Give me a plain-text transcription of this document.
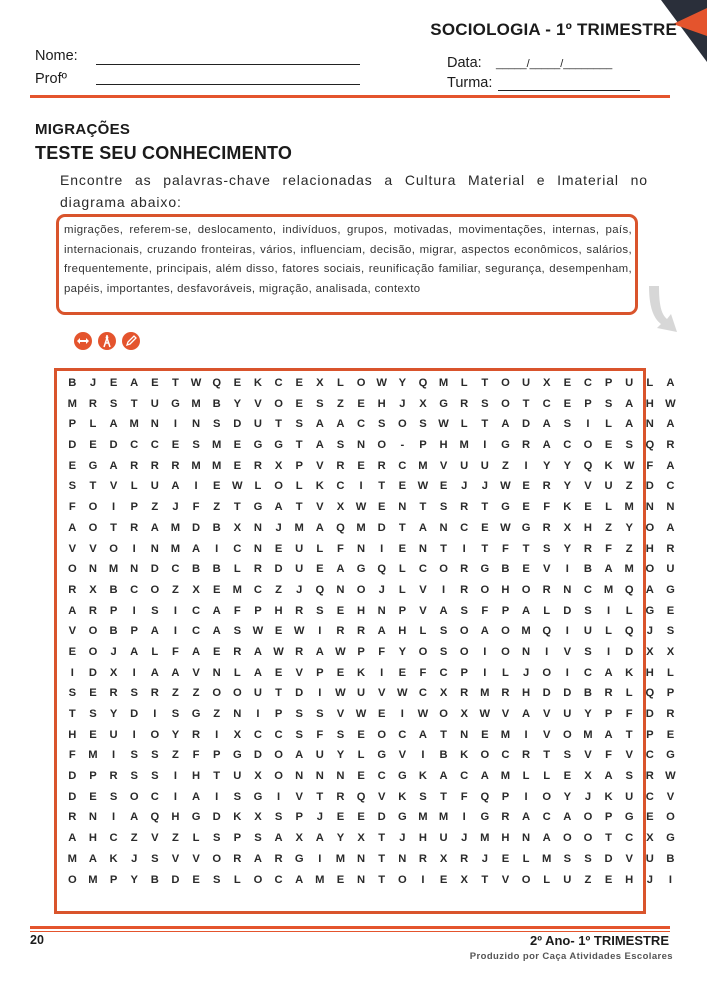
SOCIOLOGIA - 1º TRIMESTRE
Nome:
Profº
Data: _____/_____/________
Turma:
MIGRAÇÕES
TESTE SEU CONHECIMENTO
Encontre as palavras-chave relacionadas a Cultura Material e Imaterial no diagrama abaixo:
migrações, referem-se, deslocamento, indivíduos, grupos, motivadas, movimentações, internas, país, internacionais, cruzando fronteiras, vários, influenciam, decisão, migrar, aspectos econômicos, salários, frequentemente, principais, além disso, fatores sociais, reunificação familiar, segurança, desempenham, papéis, importantes, desfavoráveis, migração, analisada, contexto
B	J	E	A	E	T	W Q	E	K	C	E	X	L	O W	Y	Q	M	L	T	O	U	X	E	C	P	U	L	A
M	R	S	T	U	G	M	B	Y	V	O	E	S	Z	E	H	J	X	G	R	S	O	T	C	E	P	S	A	H	W
P	L	A	M	N	I	N	S	D	U	T	S	A	A	C	S	O	S	W	L	T	A	D	A	S	I	L	A	N	A
D	E	D	C	C	E	S	M	E	G	G	T	A	S	N	O	-	P	H	M	I	G	R	A	C	O	E	S	Q	R
E	G	A	R	R	R	M	M	E	R	X	P	V	R	E	R	C	M	V	U	U	Z	I	Y	Y	Q	K	W	F	A
S	T	V	L	U	A	I	E	W	L	O	L	K	C	I	T	E	W	E	J	J	W	E	R	Y	V	U	Z	D	C
F	O	I	P	Z	J	F	Z	T	G	A	T	V	X	W	E	N	T	S	R	T	G	E	F	K	E	L	M	N	N
A	O	T	R	A	M	D	B	X	N	J	M	A	Q	M	D	T	A	N	C	E	W G	R	X	H	Z	Y	O	A
V	V	O	I	N	M	A	I	C	N	E	U	L	F	N	I	E	N	T	I	T	F	T	S	Y	R	F	Z	H	R
O	N	M	N	D	C	B	B	L	R	D	U	E	A	G	Q	L	C	O	R	G	B	E	V	I	B	A	M	O	U
R	X	B	C	O	Z	X	E	M	C	Z	J	Q	N	O	J	L	V	I	R	O	H	O	R	N	C	M	Q	A	G
A	R	P	I	S	I	C	A	F	P	H	R	S	E	H	N	P	V	A	S	F	P	A	L	D	S	I	L	G	E
V	O	B	P	A	I	C	A	S	W	E	W	I	R	R	A	H	L	S	O	A	O	M	Q	I	U	L	Q	J	S
E	O	J	A	L	F	A	E	R	A	W	R	A	W	P	F	Y	O	S	O	I	O	N	I	V	S	I	D	X	X
I	D	X	I	A	A	V	N	L	A	E	V	P	E	K	I	E	F	C	P	I	L	J	O	I	C	A	K	H	L
S	E	R	S	R	Z	Z	O	O	U	T	D	I	W	U	V	W	C	X	R	M	R	H	D	D	B	R	L	Q	P
T	S	Y	D	I	S	G	Z	N	I	P	S	S	V	W	E	I	W O	X	W	V	A	V	U	Y	P	F	D	R
H	E	U	I	O	Y	R	I	X	C	C	S	F	S	E	O	C	A	T	N	E	M	I	V	O	M	A	T	P	E
F	M	I	S	S	Z	F	P	G	D	O	A	U	Y	L	G	V	I	B	K	O	C	R	T	S	V	F	V	C	G
D	P	R	S	S	I	H	T	U	X	O	N	N	N	E	C	G	K	A	C	A	M	L	L	E	X	A	S	R	W
D	E	S	O	C	I	A	I	S	G	I	V	T	R	Q	V	K	S	T	F	Q	P	I	O	Y	J	K	U	C	V
R	N	I	A	Q	H	G	D	K	X	S	P	J	E	E	D	G	M	M	I	G	R	A	C	A	O	P	G	E	O
A	H	C	Z	V	Z	L	S	P	S	A	X	A	Y	X	T	J	H	U	J	M	H	N	A	O	O	T	C	X	G
M	A	K	J	S	V	V	O	R	A	R	G	I	M	N	T	N	R	X	R	J	E	L	M	S	S	D	V	U	B
O	M	P	Y	B	D	E	S	L	O	C	A	M	E	N	T	O	I	E	X	T	V	O	L	U	Z	E	H	J	I
20	2º Ano- 1º TRIMESTRE
Produzido por Caça Atividades Escolares
